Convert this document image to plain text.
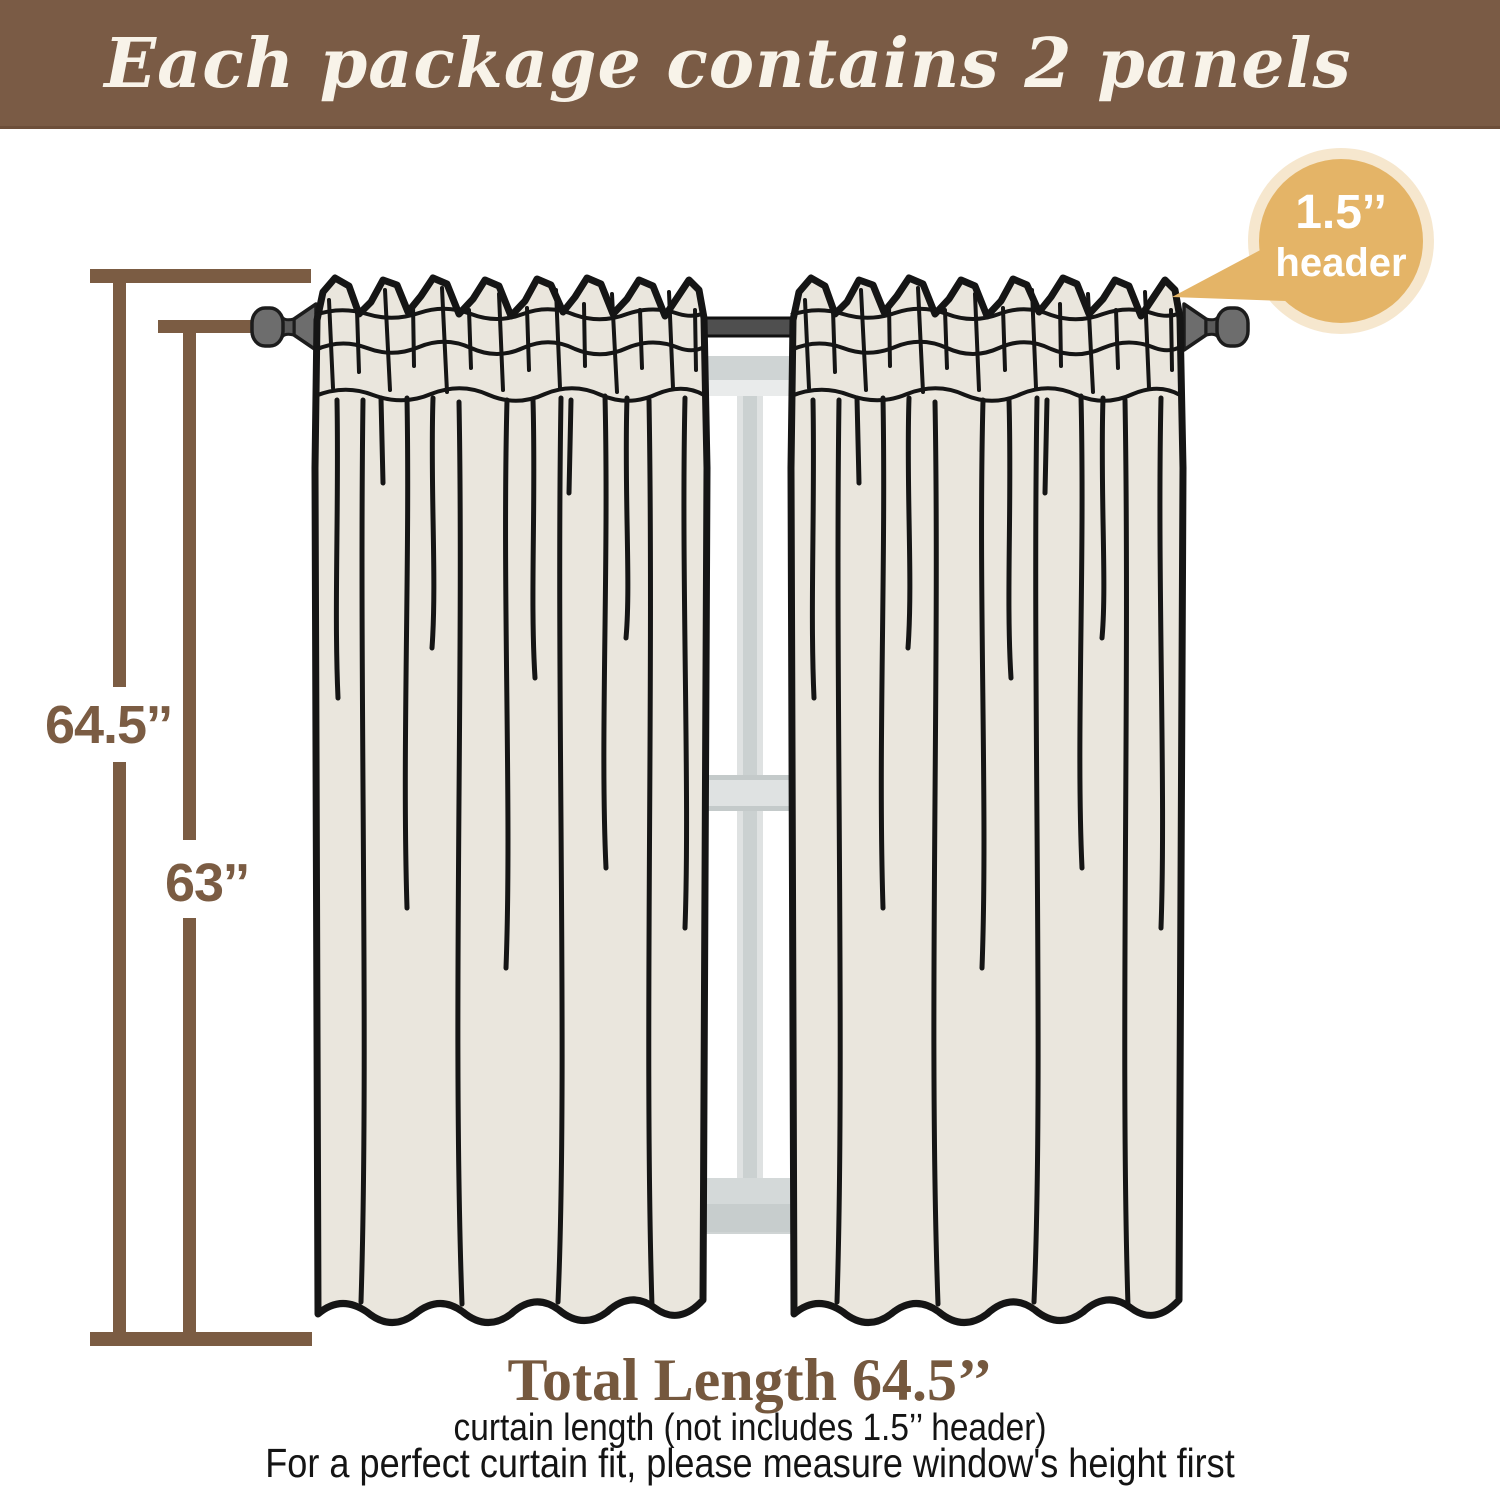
Each package contains 2 panels
64.5’’
63’’
1.5’’
header
Total Length 64.5’’
curtain length (not includes 1.5’’ header)
For a perfect curtain fit, please measure window's height first
